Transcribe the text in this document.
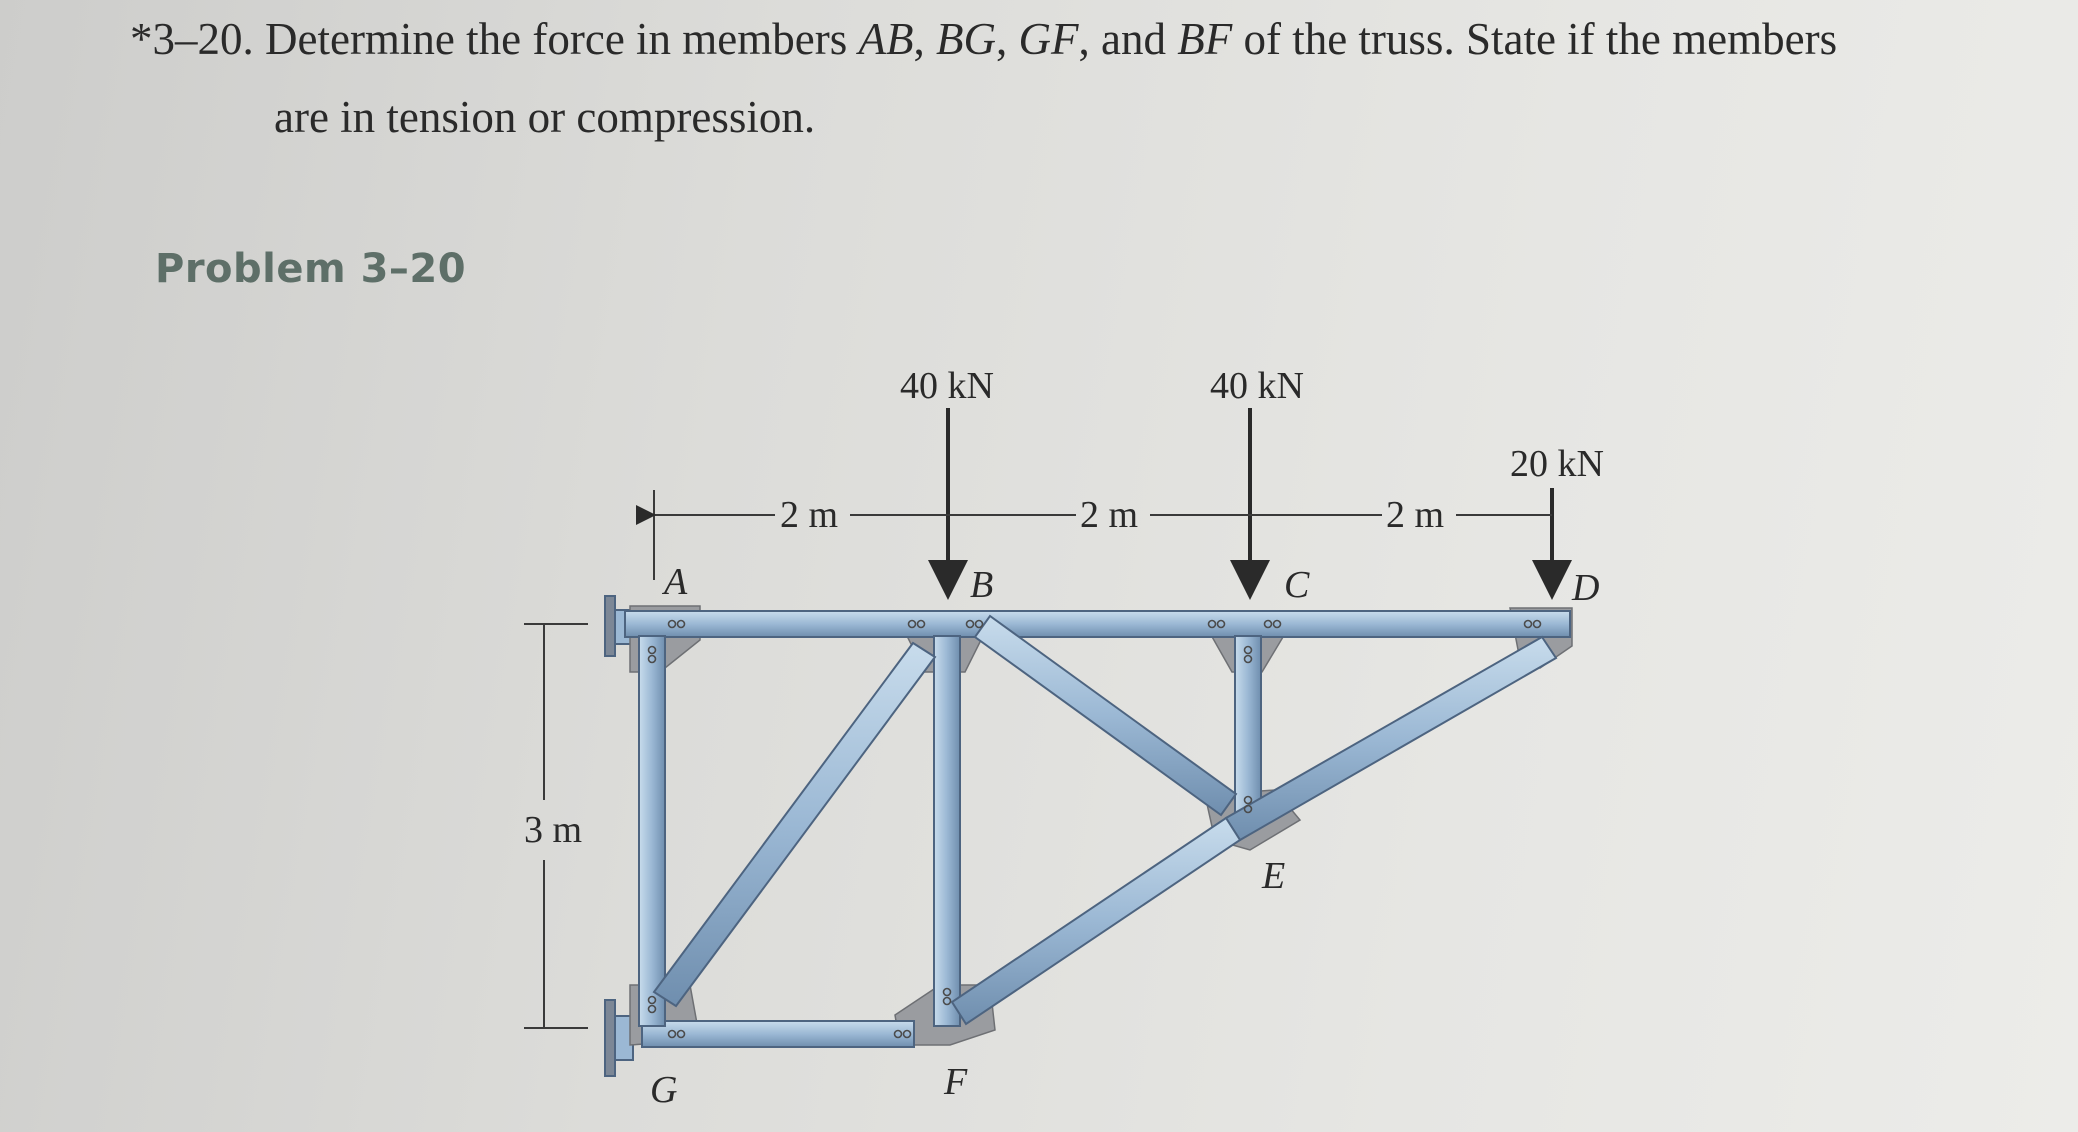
*3–20. Determine the force in members AB, BG, GF, and BF of the truss. State if the members
are in tension or compression.
Problem 3–20
40 kN	40 kN
20 kN
2 m	2 m	2 m
3 m
A	B	C	D
E
F
G
